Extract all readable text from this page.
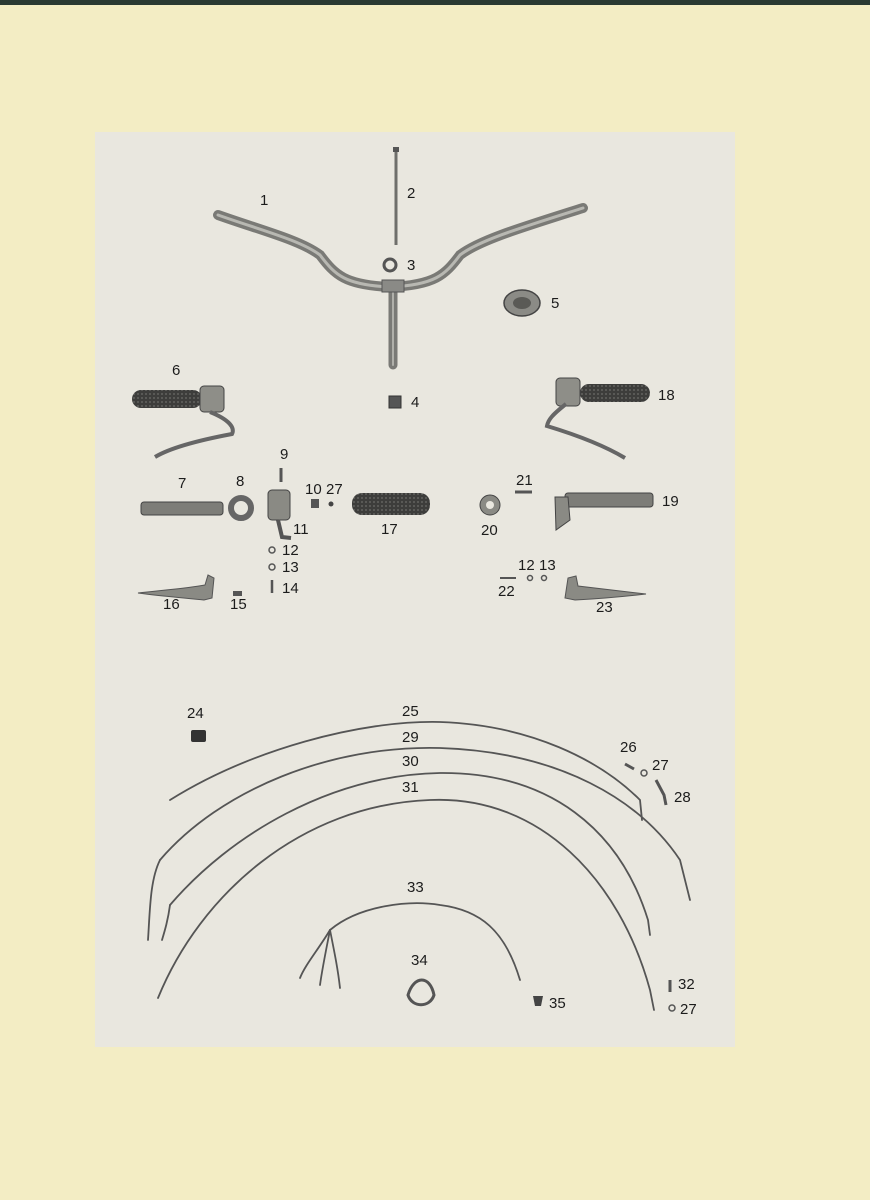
1	2
3
4
5
6
18
7	8
9
10 27
11	17
21
20
19
12
13
14
15
16
12 13
22
23
24	25
29
30
31
26
27
28
33
34
35
32
27
